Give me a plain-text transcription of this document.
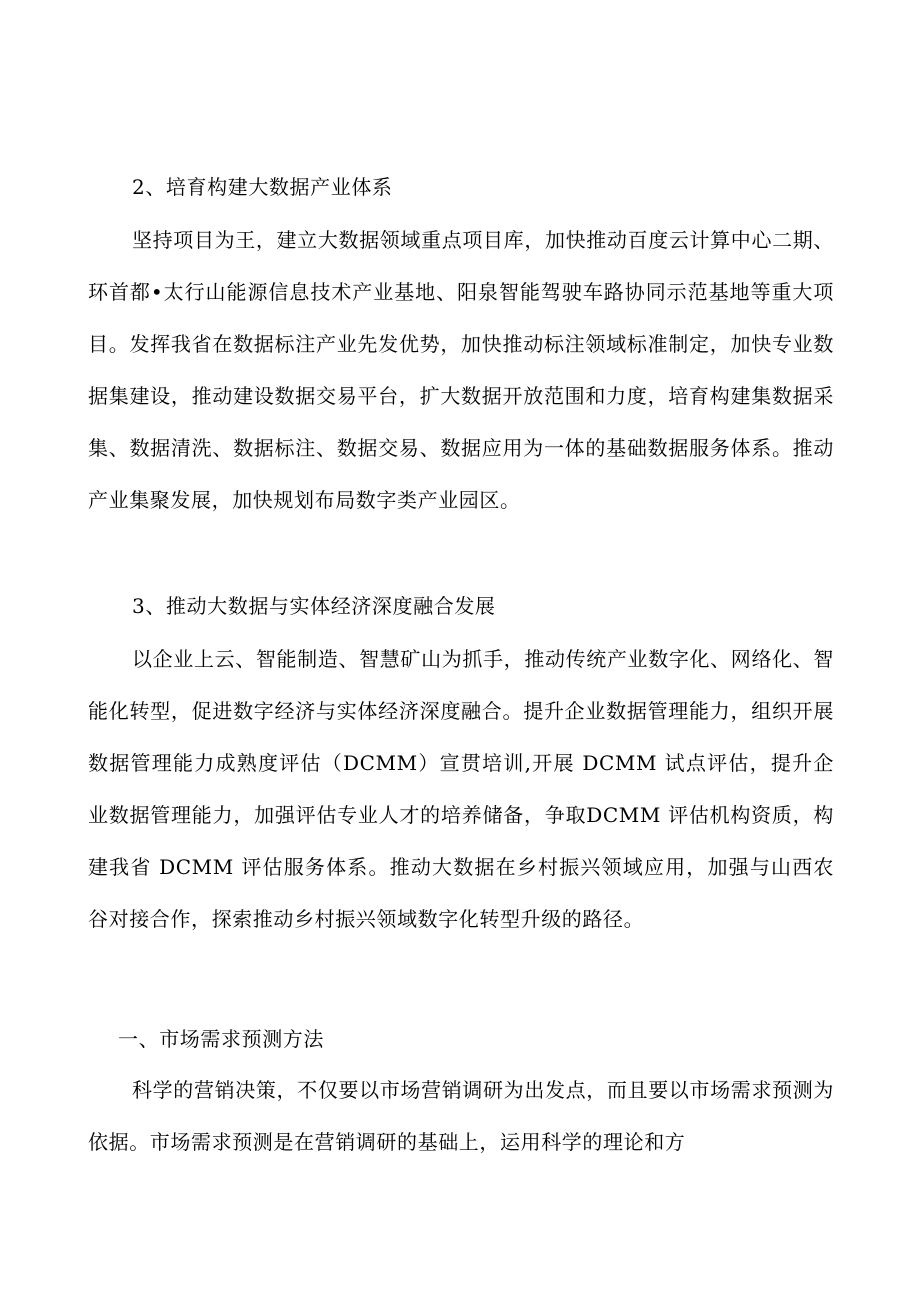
2、培育构建大数据产业体系

坚持项目为王，建立大数据领域重点项目库，加快推动百度云计算中心二期、环首都•太行山能源信息技术产业基地、阳泉智能驾驶车路协同示范基地等重大项目。发挥我省在数据标注产业先发优势，加快推动标注领域标准制定，加快专业数据集建设，推动建设数据交易平台，扩大数据开放范围和力度，培育构建集数据采集、数据清洗、数据标注、数据交易、数据应用为一体的基础数据服务体系。推动产业集聚发展，加快规划布局数字类产业园区。

3、推动大数据与实体经济深度融合发展

以企业上云、智能制造、智慧矿山为抓手，推动传统产业数字化、网络化、智能化转型，促进数字经济与实体经济深度融合。提升企业数据管理能力，组织开展数据管理能力成熟度评估（DCMM）宣贯培训,开展 DCMM 试点评估，提升企业数据管理能力，加强评估专业人才的培养储备，争取DCMM 评估机构资质，构建我省 DCMM 评估服务体系。推动大数据在乡村振兴领域应用，加强与山西农谷对接合作，探索推动乡村振兴领域数字化转型升级的路径。

一、市场需求预测方法

科学的营销决策，不仅要以市场营销调研为出发点，而且要以市场需求预测为依据。市场需求预测是在营销调研的基础上，运用科学的理论和方
